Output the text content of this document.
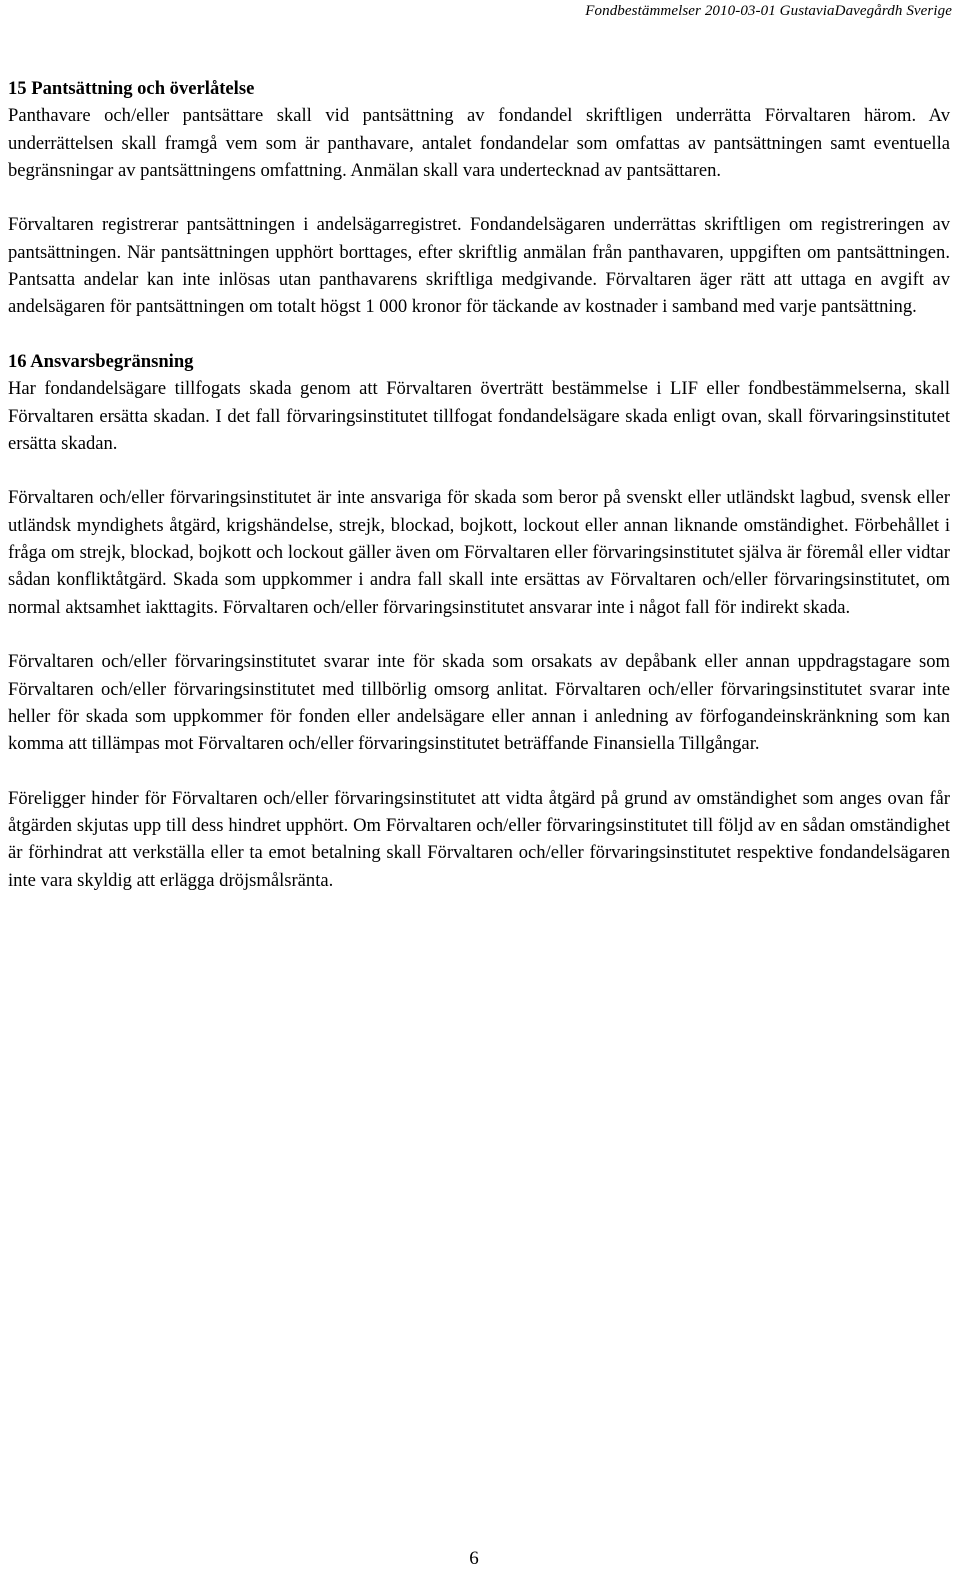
Fondbestämmelser 2010-03-01 GustaviaDavegårdh Sverige
15 Pantsättning och överlåtelse

Panthavare och/eller pantsättare skall vid pantsättning av fondandel skriftligen underrätta Förvaltaren härom. Av underrättelsen skall framgå vem som är panthavare, antalet fondandelar som omfattas av pantsättningen samt eventuella begränsningar av pantsättningens omfattning. Anmälan skall vara undertecknad av pantsättaren.

Förvaltaren registrerar pantsättningen i andelsägarregistret. Fondandelsägaren underrättas skriftligen om registreringen av pantsättningen. När pantsättningen upphört borttages, efter skriftlig anmälan från panthavaren, uppgiften om pantsättningen. Pantsatta andelar kan inte inlösas utan panthavarens skriftliga medgivande. Förvaltaren äger rätt att uttaga en avgift av andelsägaren för pantsättningen om totalt högst 1 000 kronor för täckande av kostnader i samband med varje pantsättning.

16 Ansvarsbegränsning

Har fondandelsägare tillfogats skada genom att Förvaltaren överträtt bestämmelse i LIF eller fondbestämmelserna, skall Förvaltaren ersätta skadan. I det fall förvaringsinstitutet tillfogat fondandelsägare skada enligt ovan, skall förvaringsinstitutet ersätta skadan.

Förvaltaren och/eller förvaringsinstitutet är inte ansvariga för skada som beror på svenskt eller utländskt lagbud, svensk eller utländsk myndighets åtgärd, krigshändelse, strejk, blockad, bojkott, lockout eller annan liknande omständighet. Förbehållet i fråga om strejk, blockad, bojkott och lockout gäller även om Förvaltaren eller förvaringsinstitutet själva är föremål eller vidtar sådan konfliktåtgärd. Skada som uppkommer i andra fall skall inte ersättas av Förvaltaren och/eller förvaringsinstitutet, om normal aktsamhet iakttagits. Förvaltaren och/eller förvaringsinstitutet ansvarar inte i något fall för indirekt skada.

Förvaltaren och/eller förvaringsinstitutet svarar inte för skada som orsakats av depåbank eller annan uppdragstagare som Förvaltaren och/eller förvaringsinstitutet med tillbörlig omsorg anlitat. Förvaltaren och/eller förvaringsinstitutet svarar inte heller för skada som uppkommer för fonden eller andelsägare eller annan i anledning av förfogandeinskränkning som kan komma att tillämpas mot Förvaltaren och/eller förvaringsinstitutet beträffande Finansiella Tillgångar.

Föreligger hinder för Förvaltaren och/eller förvaringsinstitutet att vidta åtgärd på grund av omständighet som anges ovan får åtgärden skjutas upp till dess hindret upphört. Om Förvaltaren och/eller förvaringsinstitutet till följd av en sådan omständighet är förhindrat att verkställa eller ta emot betalning skall Förvaltaren och/eller förvaringsinstitutet respektive fondandelsägaren inte vara skyldig att erlägga dröjsmålsränta.

6
